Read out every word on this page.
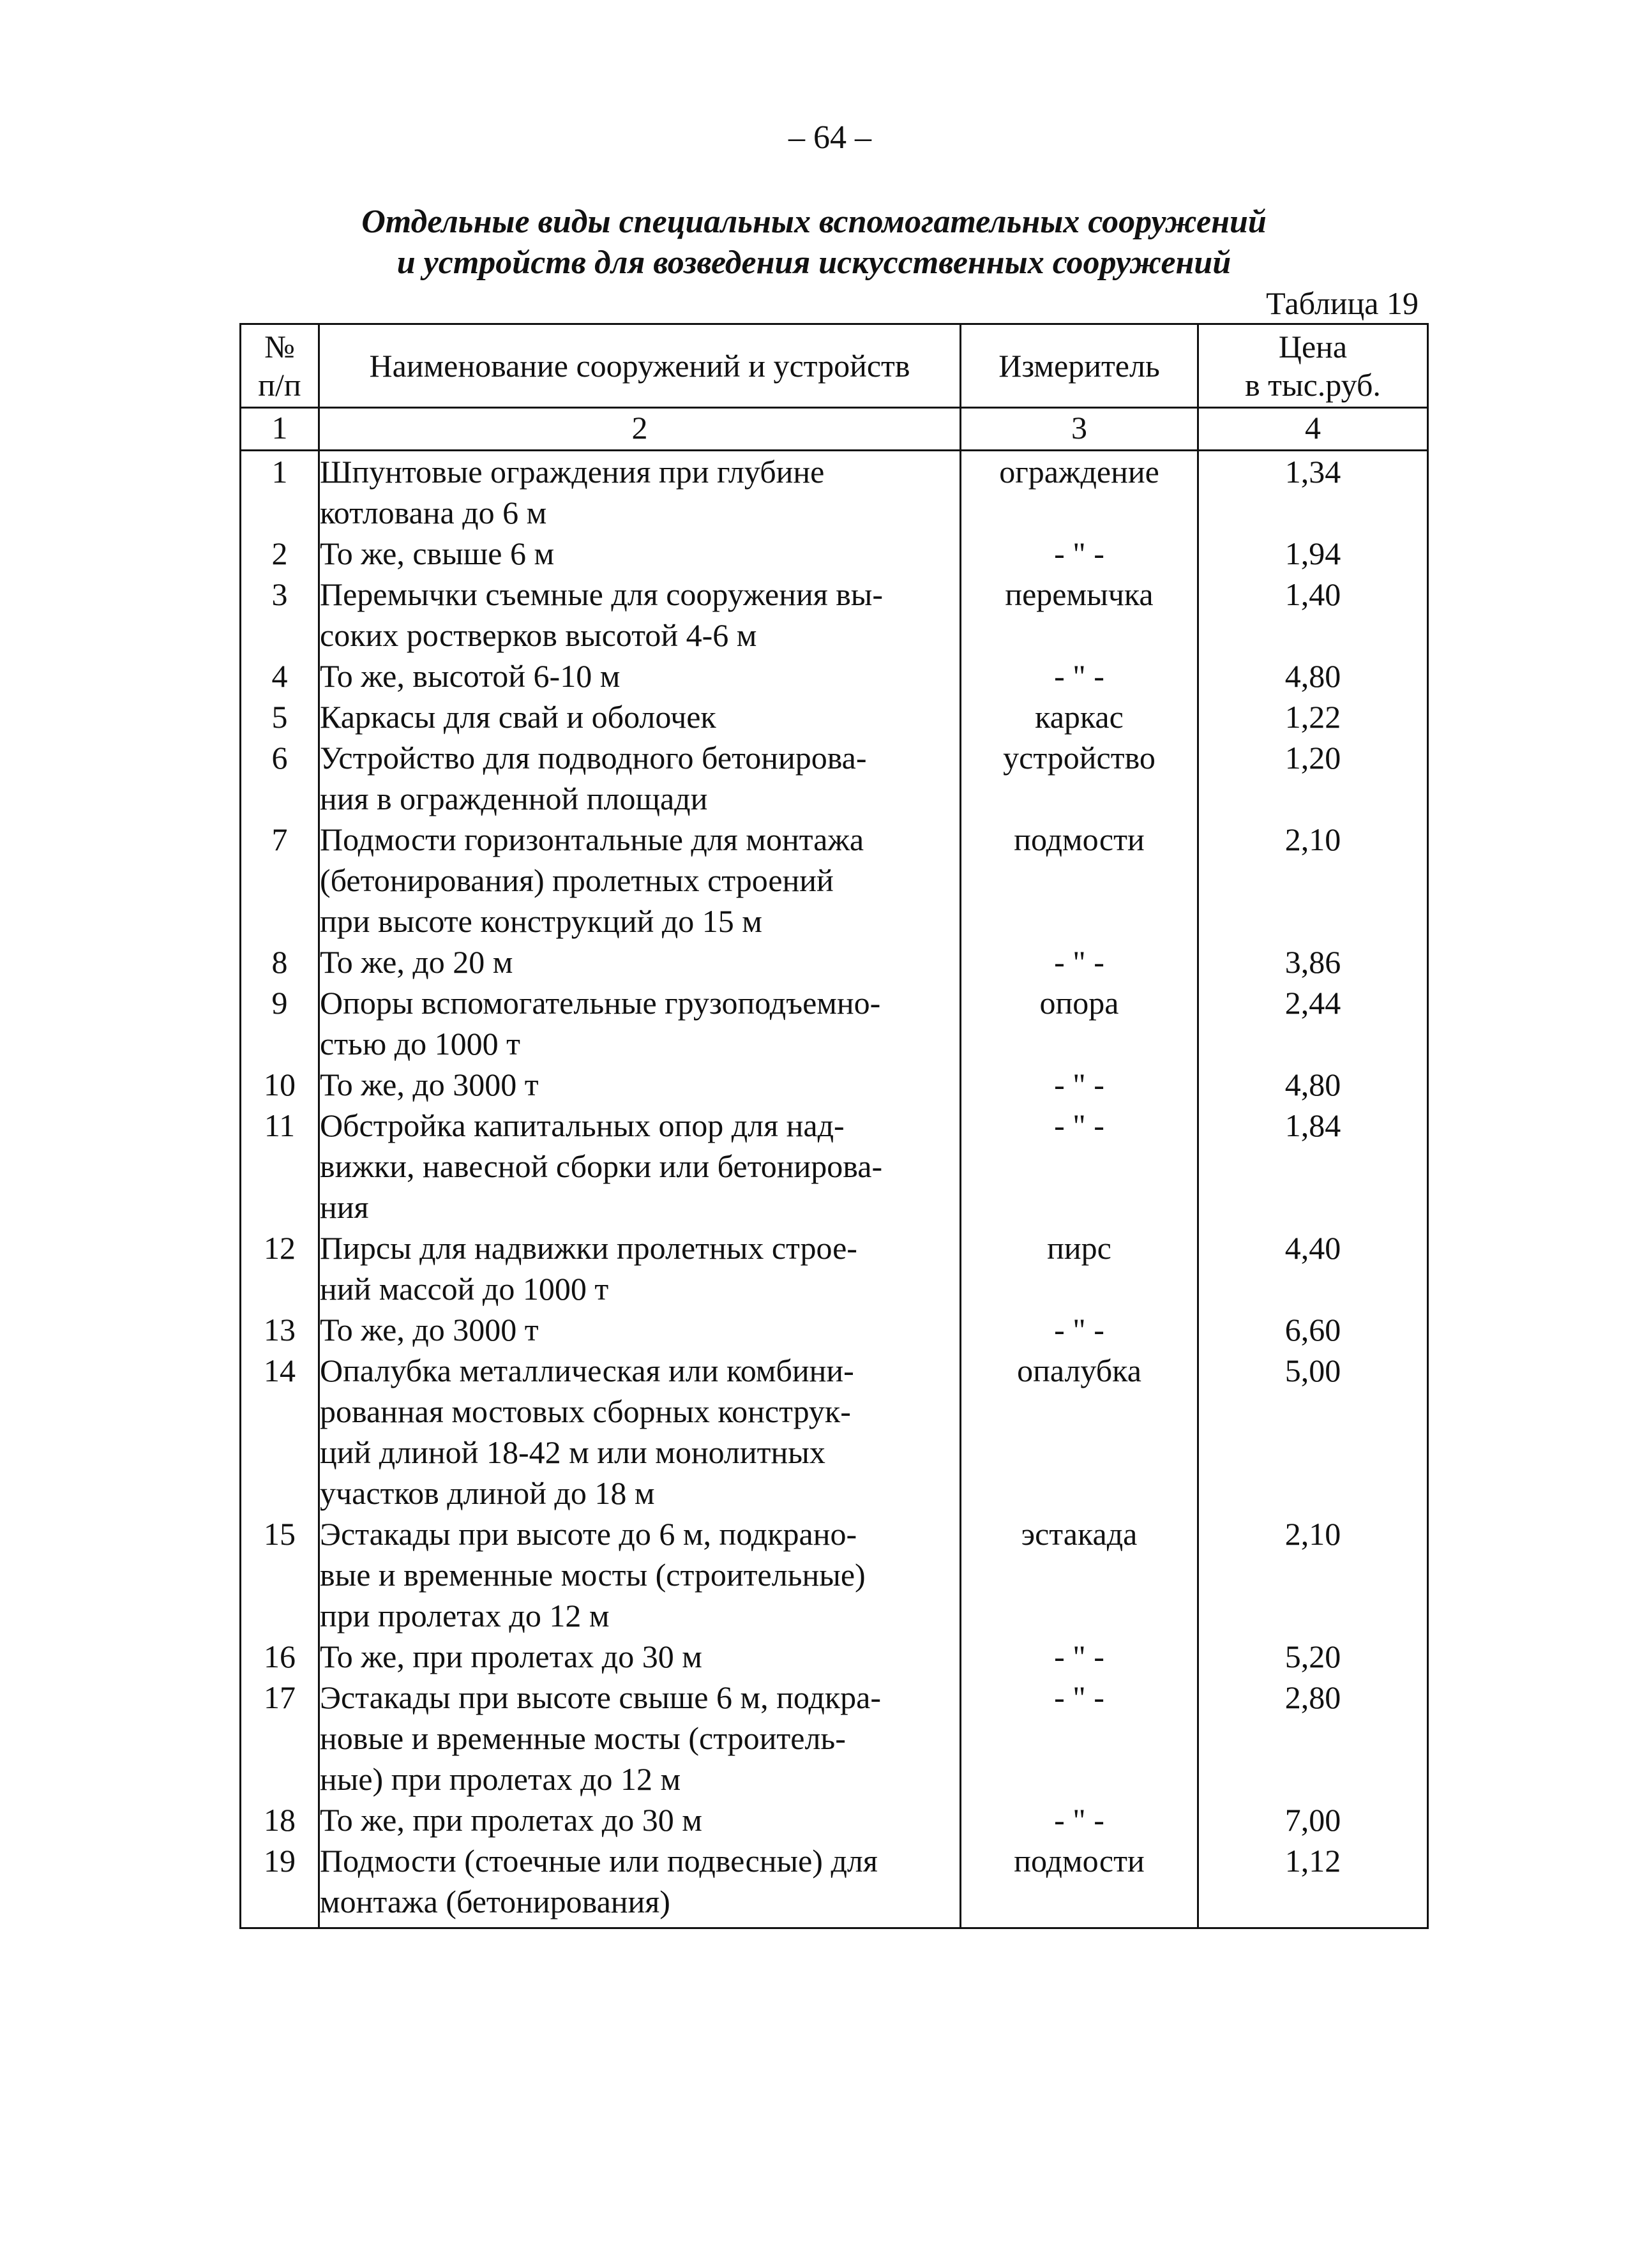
– 64 –
Отдельные виды специальных вспомогательных сооружений
и устройств для возведения искусственных сооружений
Таблица 19
№
п/п	Наименование сооружений и устройств	Измеритель	Цена
в тыс.руб.

1	2	3	4
1	Шпунтовые ограждения при глубине
котлована до 6 м	ограждение	1,34
2	То же, свыше 6 м	- " -	1,94
3	Перемычки съемные для сооружения вы-
соких ростверков высотой 4-6 м	перемычка	1,40
4	То же, высотой 6-10 м	- " -	4,80
5	Каркасы для свай и оболочек	каркас	1,22
6	Устройство для подводного бетонирова-
ния в огражденной площади	устройство	1,20
7	Подмости горизонтальные для монтажа
(бетонирования) пролетных строений
при высоте конструкций до 15 м	подмости	2,10
8	То же, до 20 м	- " -	3,86
9	Опоры вспомогательные грузоподъемно-
стью до 1000 т	опора	2,44
10	То же, до 3000 т	- " -	4,80
11	Обстройка капитальных опор для над-
вижки, навесной сборки или бетонирова-
ния	- " -	1,84
12	Пирсы для надвижки пролетных строе-
ний массой до 1000 т	пирс	4,40
13	То же, до 3000 т	- " -	6,60
14	Опалубка металлическая или комбини-
рованная мостовых сборных конструк-
ций длиной 18-42 м или монолитных
участков длиной до 18 м	опалубка	5,00
15	Эстакады при высоте до 6 м, подкрано-
вые и временные мосты (строительные)
при пролетах до 12 м	эстакада	2,10
16	То же, при пролетах до 30 м	- " -	5,20
17	Эстакады при высоте свыше 6 м, подкра-
новые и временные мосты (строитель-
ные) при пролетах до 12 м	- " -	2,80
18	То же, при пролетах до 30 м	- " -	7,00
19	Подмости (стоечные или подвесные) для
монтажа (бетонирования)	подмости	1,12
